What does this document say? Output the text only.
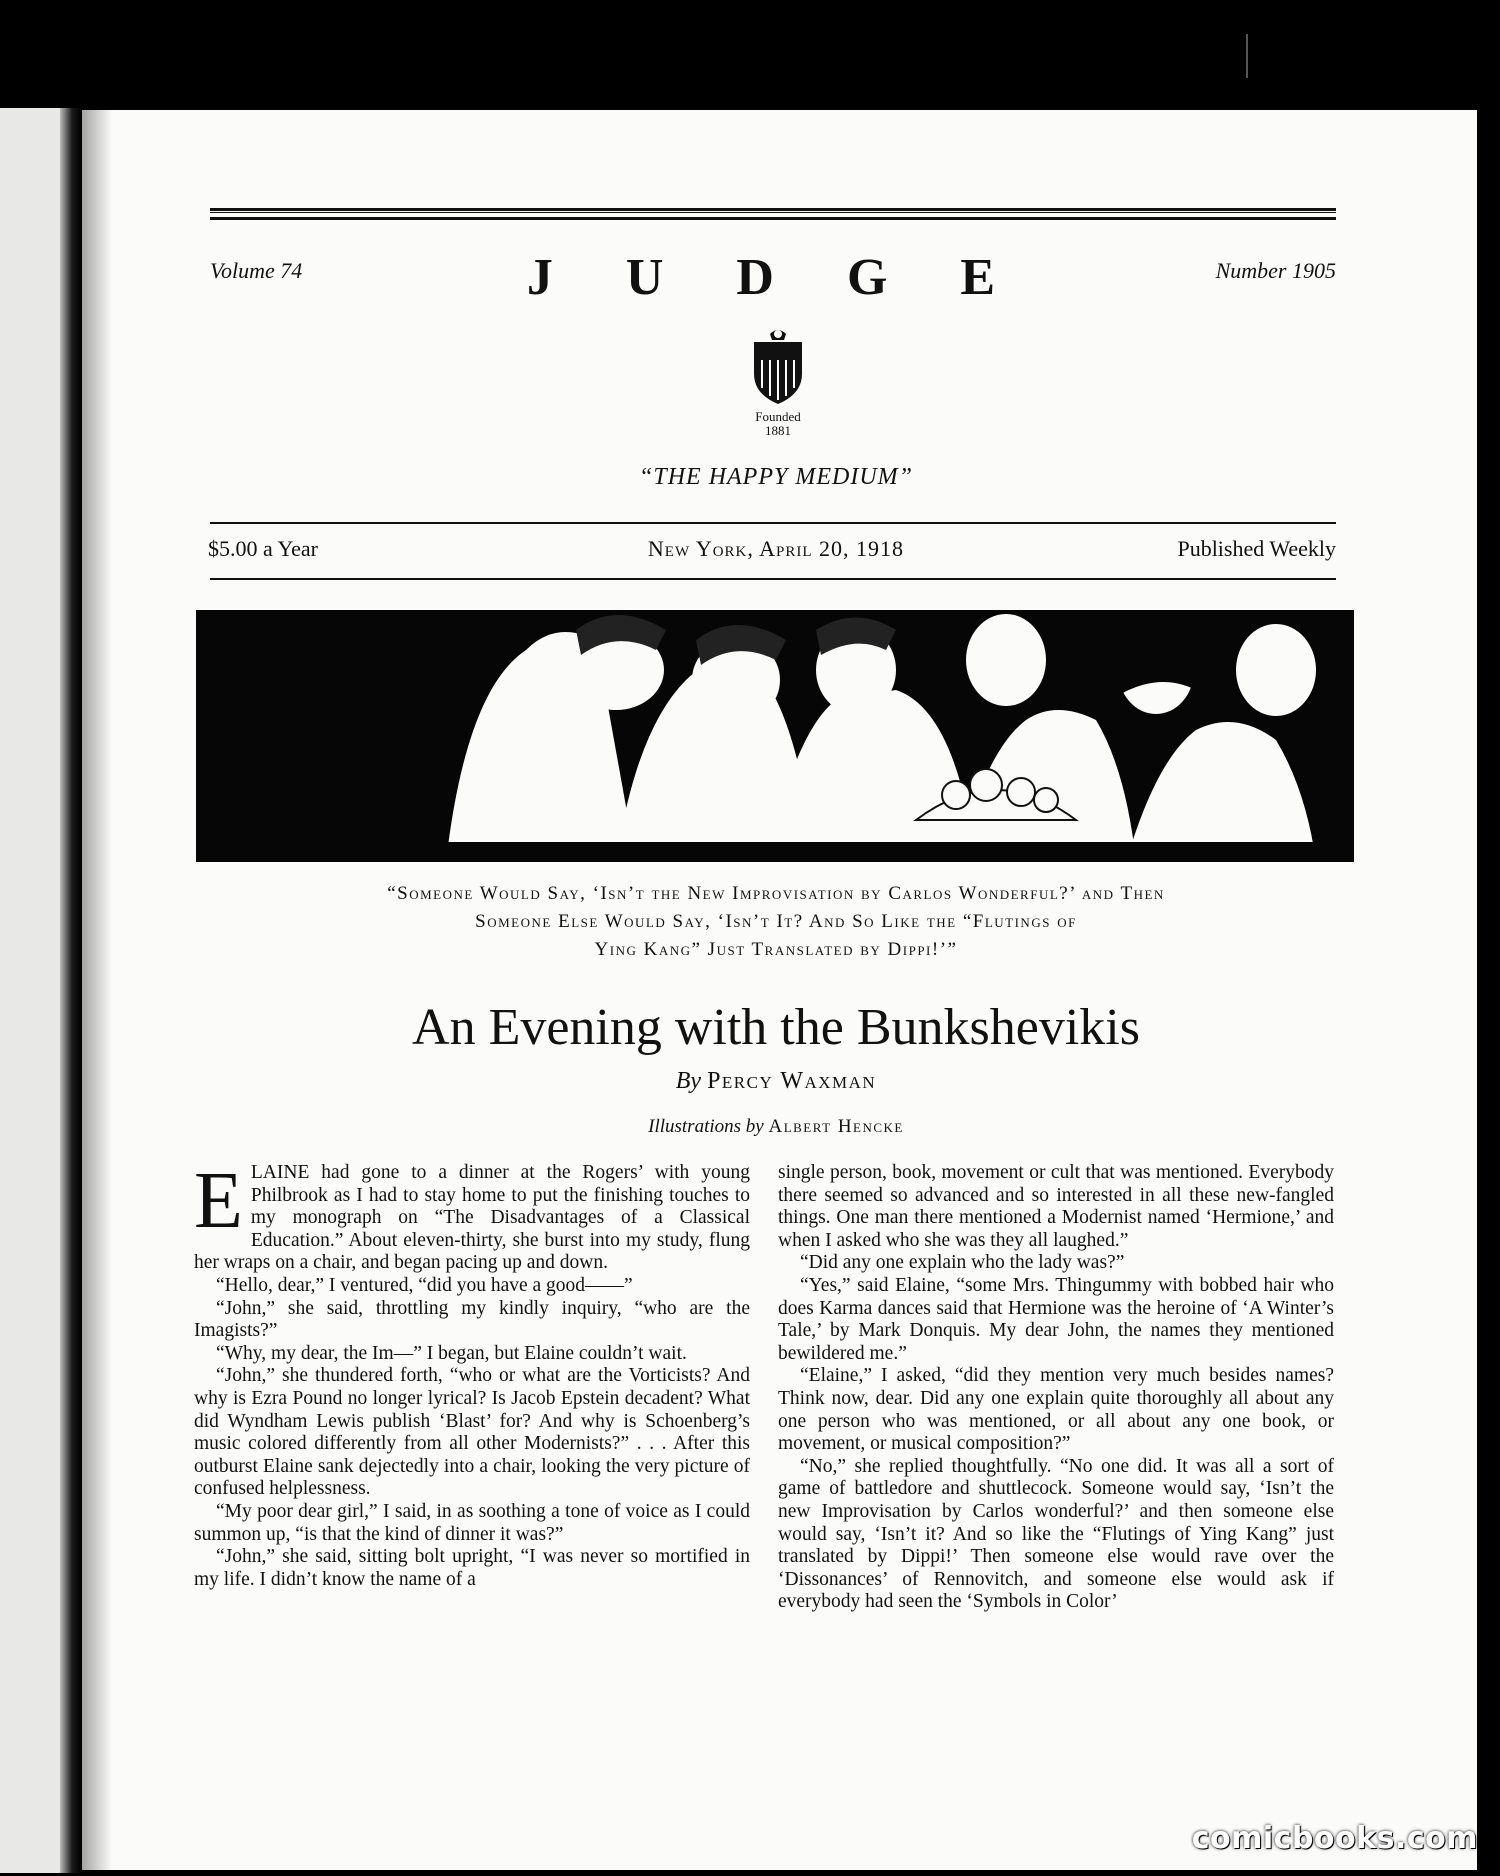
Volume 74	J U D G E	Number 1905
Founded
1881
“THE HAPPY MEDIUM”
$5.00 a Year	New York, April 20, 1918	Published Weekly
“Someone Would Say, ‘Isn’t the New Improvisation by Carlos Wonderful?’ and Then
Someone Else Would Say, ‘Isn’t It? And So Like the “Flutings of
Ying Kang” Just Translated by Dippi!’”
An Evening with the Bunkshevikis
By Percy Waxman
Illustrations by Albert Hencke

ELAINE had gone to a dinner at the Rogers’ with young Philbrook as I had to stay home to put the finishing touches to my monograph on “The Disadvantages of a Classical Education.” About eleven-thirty, she burst into my study, flung her wraps on a chair, and began pacing up and down.

“Hello, dear,” I ventured, “did you have a good——”

“John,” she said, throttling my kindly inquiry, “who are the Imagists?”

“Why, my dear, the Im—” I began, but Elaine couldn’t wait.

“John,” she thundered forth, “who or what are the Vorticists? And why is Ezra Pound no longer lyrical? Is Jacob Epstein decadent? What did Wyndham Lewis publish ‘Blast’ for? And why is Schoenberg’s music colored differently from all other Modernists?” . . . After this outburst Elaine sank dejectedly into a chair, looking the very picture of confused helplessness.

“My poor dear girl,” I said, in as soothing a tone of voice as I could summon up, “is that the kind of dinner it was?”

“John,” she said, sitting bolt upright, “I was never so mortified in my life. I didn’t know the name of a

single person, book, movement or cult that was mentioned. Everybody there seemed so advanced and so interested in all these new-fangled things. One man there mentioned a Modernist named ‘Hermione,’ and when I asked who she was they all laughed.”

“Did any one explain who the lady was?”

“Yes,” said Elaine, “some Mrs. Thingummy with bobbed hair who does Karma dances said that Hermione was the heroine of ‘A Winter’s Tale,’ by Mark Donquis. My dear John, the names they mentioned bewildered me.”

“Elaine,” I asked, “did they mention very much besides names? Think now, dear. Did any one explain quite thoroughly all about any one person who was mentioned, or all about any one book, or movement, or musical composition?”

“No,” she replied thoughtfully. “No one did. It was all a sort of game of battledore and shuttlecock. Someone would say, ‘Isn’t the new Improvisation by Carlos wonderful?’ and then someone else would say, ‘Isn’t it? And so like the “Flutings of Ying Kang” just translated by Dippi!’ Then someone else would rave over the ‘Dissonances’ of Rennovitch, and someone else would ask if everybody had seen the ‘Symbols in Color’

comicbooks.com
